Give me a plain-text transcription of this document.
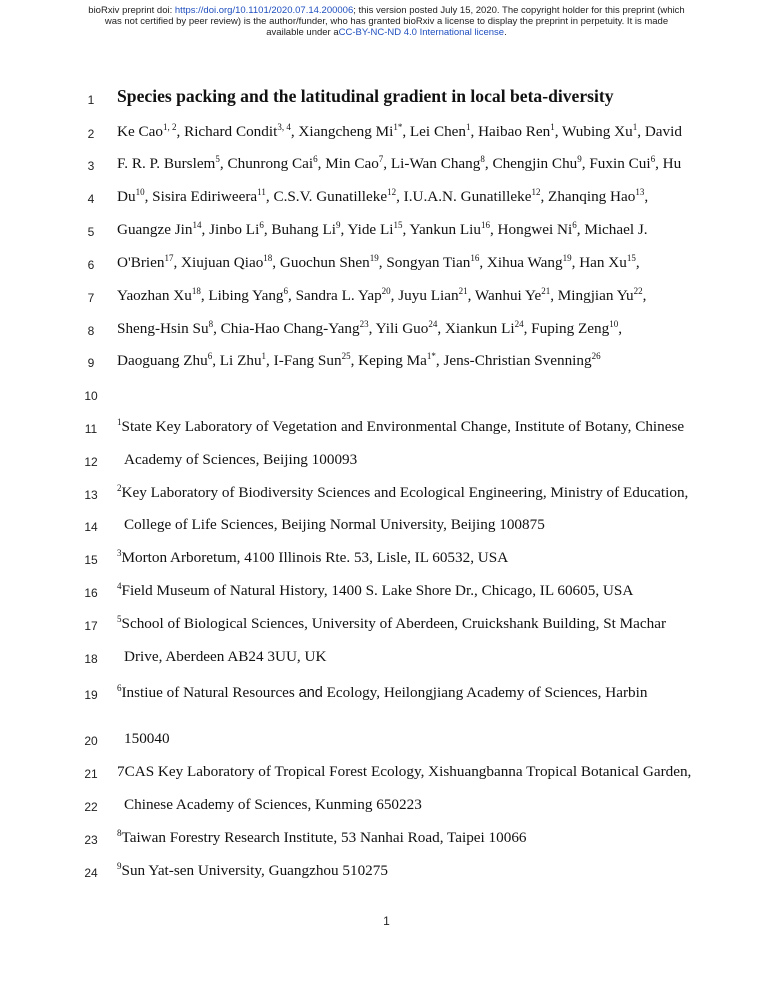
bioRxiv preprint doi: https://doi.org/10.1101/2020.07.14.200006; this version posted July 15, 2020. The copyright holder for this preprint (which
was not certified by peer review) is the author/funder, who has granted bioRxiv a license to display the preprint in perpetuity. It is made
available under aCC-BY-NC-ND 4.0 International license.
1	Species packing and the latitudinal gradient in local beta-diversity
2	Ke Cao$^{1, 2}$, Richard Condit$^{3, 4}$, Xiangcheng $Mi^{1*}$, Lei Chen$^1$, Haibao Ren$^1$, Wubing Xu$^1$, David
3	F. R. P. Burslem$^5$, Chunrong Cai$^6$, Min Cao$^7$, Li-Wan Chang$^8$, Chengjin Chu$^9$, Fuxin Cui$^6$, Hu
4	Du$^{10}$, Sisira Ediriweera$^{11}$, C.S.V. Gunatilleke$^{12}$, I.U.A.N. Gunatilleke$^{12}$, Zhanqing Hao$^{13}$,
5	Guangze Jin$^{14}$, Jinbo Li$^6$, Buhang Li$^9$, Yide Li$^{15}$, Yankun Liu$^{16}$, Hongwei Ni$^6$, Michael J.
6	O'Brien$^{17}$, Xiujuan Qiao$^{18}$, Guochun Shen$^{19}$, Songyan Tian$^{16}$, Xihua Wang$^{19}$, Han Xu$^{15}$,
7	Yaozhan Xu$^{18}$, Libing Yang$^6$, Sandra L. Yap$^{20}$, Juyu Lian$^{21}$, Wanhui Ye$^{21}$, Mingjian Yu$^{22}$,
8	Sheng-Hsin Su$^8$, Chia-Hao Chang-Yang$^{23}$, Yili Guo$^{24}$, Xiankun Li$^{24}$, Fuping Zeng$^{10}$,
9	Daoguang Zhu$^6$, Li Zhu$^1$, I-Fang Sun$^{25}$, Keping $Ma^{1*}$, Jens-Christian Svenning$^{26}$
10
11	$^1$State Key Laboratory of Vegetation and Environmental Change, Institute of Botany, Chinese
12	Academy of Sciences, Beijing 100093
13	$^2$Key Laboratory of Biodiversity Sciences and Ecological Engineering, Ministry of Education,
14	College of Life Sciences, Beijing Normal University, Beijing 100875
15	$^3$Morton Arboretum, 4100 Illinois Rte. 53, Lisle, IL 60532, USA
16	$^4$Field Museum of Natural History, 1400 S. Lake Shore Dr., Chicago, IL 60605, USA
17	$^5$School of Biological Sciences, University of Aberdeen, Cruickshank Building, St Machar
18	Drive, Aberdeen AB24 3UU, UK
19	$^6$Instiue of Natural Resources and Ecology, Heilongjiang Academy of Sciences, Harbin
20	150040
21	7CAS Key Laboratory of Tropical Forest Ecology, Xishuangbanna Tropical Botanical Garden,
22	Chinese Academy of Sciences, Kunming 650223
23	$^8$Taiwan Forestry Research Institute, 53 Nanhai Road, Taipei 10066
24	$^9$Sun Yat-sen University, Guangzhou 510275
1
